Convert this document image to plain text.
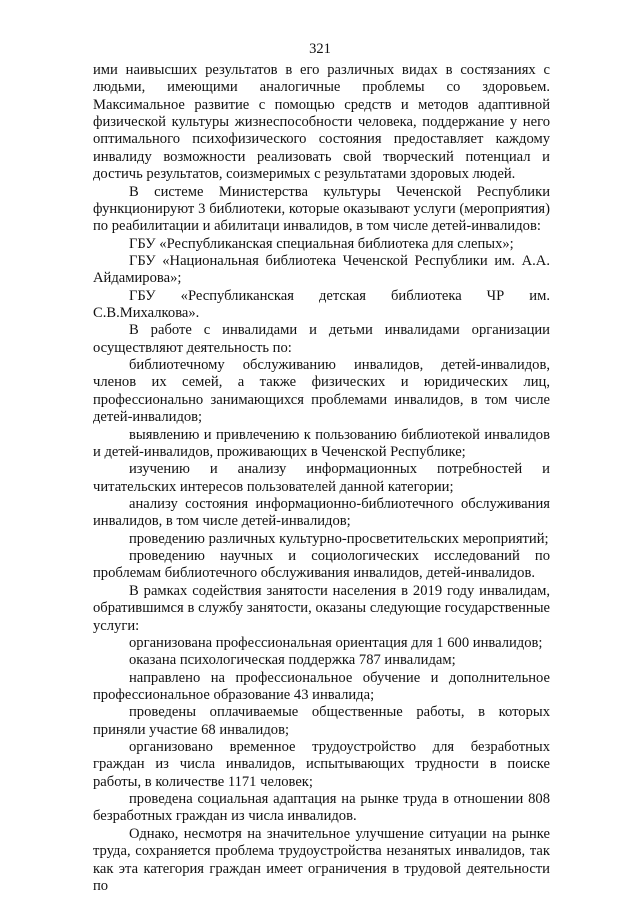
321

ими наивысших результатов в его различных видах в состязаниях с людьми, имеющими аналогичные проблемы со здоровьем. Максимальное развитие с помощью средств и методов адаптивной физической культуры жизнеспособности человека, поддержание у него оптимального психофизического состояния предоставляет каждому инвалиду возможности реализовать свой творческий потенциал и достичь результатов, соизмеримых с результатами здоровых людей.

В системе Министерства культуры Чеченской Республики функционируют 3 библиотеки, которые оказывают услуги (мероприятия) по реабилитации и абилитаци инвалидов, в том числе детей-инвалидов:

ГБУ «Республиканская специальная библиотека для слепых»;

ГБУ «Национальная библиотека Чеченской Республики им. А.А. Айдамирова»;

ГБУ «Республиканская детская библиотека ЧР им. С.В.Михалкова».

В работе с инвалидами и детьми инвалидами организации осуществляют деятельность по:

библиотечному обслуживанию инвалидов, детей-инвалидов, членов их семей, а также физических и юридических лиц, профессионально занимающихся проблемами инвалидов, в том числе детей-инвалидов;

выявлению и привлечению к пользованию библиотекой инвалидов и детей-инвалидов, проживающих в Чеченской Республике;

изучению и анализу информационных потребностей и читательских интересов пользователей данной категории;

анализу состояния информационно-библиотечного обслуживания инвалидов, в том числе детей-инвалидов;

проведению различных культурно-просветительских мероприятий;

проведению научных и социологических исследований по проблемам библиотечного обслуживания инвалидов, детей-инвалидов.

В рамках содействия занятости населения в 2019 году инвалидам, обратившимся в службу занятости, оказаны следующие государственные услуги:

организована профессиональная ориентация для 1 600 инвалидов;

оказана психологическая поддержка 787 инвалидам;

направлено на профессиональное обучение и дополнительное профессиональное образование 43 инвалида;

проведены оплачиваемые общественные работы, в которых приняли участие 68 инвалидов;

организовано временное трудоустройство для безработных граждан из числа инвалидов, испытывающих трудности в поиске работы, в количестве 1171 человек;

проведена социальная адаптация на рынке труда в отношении 808 безработных граждан из числа инвалидов.

Однако, несмотря на значительное улучшение ситуации на рынке труда, сохраняется проблема трудоустройства незанятых инвалидов, так как эта категория граждан имеет ограничения в трудовой деятельности по
